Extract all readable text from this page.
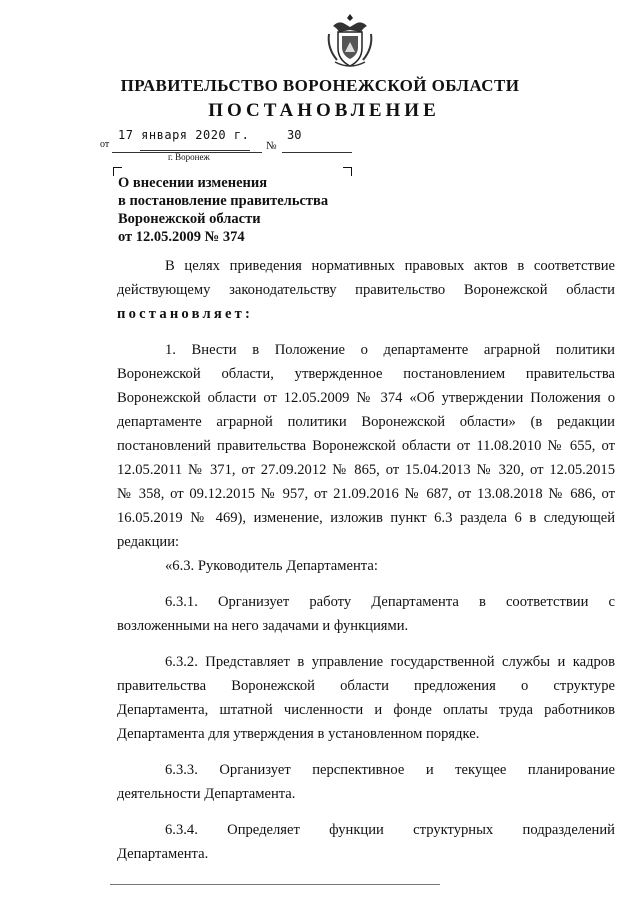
ПРАВИТЕЛЬСТВО ВОРОНЕЖСКОЙ ОБЛАСТИ
ПОСТАНОВЛЕНИЕ
от
17 января 2020 г.
№
30
г. Воронеж
О внесении изменения
в постановление правительства
Воронежской области
от 12.05.2009 № 374
В целях приведения нормативных правовых актов в соответствие
действующему законодательству правительство Воронежской области
постановляет:
1. Внести в Положение о департаменте аграрной политики
Воронежской области, утвержденное постановлением правительства
Воронежской области от 12.05.2009 № 374 «Об утверждении Положения о
департаменте аграрной политики Воронежской области» (в редакции
постановлений правительства Воронежской области от 11.08.2010 № 655, от
12.05.2011 № 371, от 27.09.2012 № 865, от 15.04.2013 № 320, от 12.05.2015
№ 358, от 09.12.2015 № 957, от 21.09.2016 № 687, от 13.08.2018 № 686, от
16.05.2019 № 469), изменение, изложив пункт 6.3 раздела 6 в следующей
редакции:
«6.3. Руководитель Департамента:
6.3.1. Организует работу Департамента в соответствии с
возложенными на него задачами и функциями.
6.3.2. Представляет в управление государственной службы и кадров
правительства Воронежской области предложения о структуре
Департамента, штатной численности и фонде оплаты труда работников
Департамента для утверждения в установленном порядке.
6.3.3. Организует перспективное и текущее планирование
деятельности Департамента.
6.3.4. Определяет функции структурных подразделений
Департамента.
